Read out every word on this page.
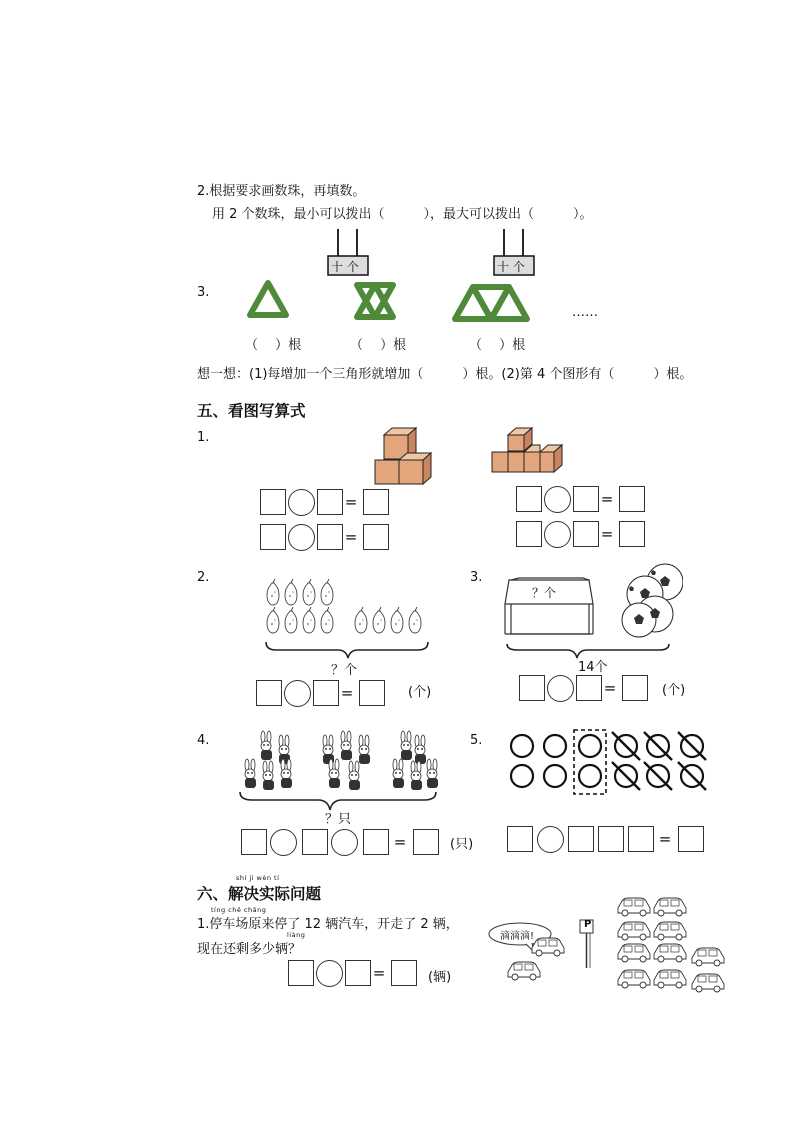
2.根据要求画数珠，再填数。
用 2 个数珠，最小可以拨出（　　　），最大可以拨出（　　　）。
十 个	十 个
3.
……
（　 ）根	（　 ）根	（　 ）根
想一想：(1)每增加一个三角形就增加（　　　）根。(2)第 4 个图形有（　　　）根。
五、看图写算式
1.
=
=
=
=
2.
？个
=	(个)
3.
？个
14个
=	(个)
4.
？只
=	(只)
5.
=
shí jì wèn tí
六、解决实际问题
tíng chē chǎng
1.停车场原来停了 12 辆汽车，开走了 2 辆，
liàng
现在还剩多少辆？
=	(辆)
滴滴滴!
P
